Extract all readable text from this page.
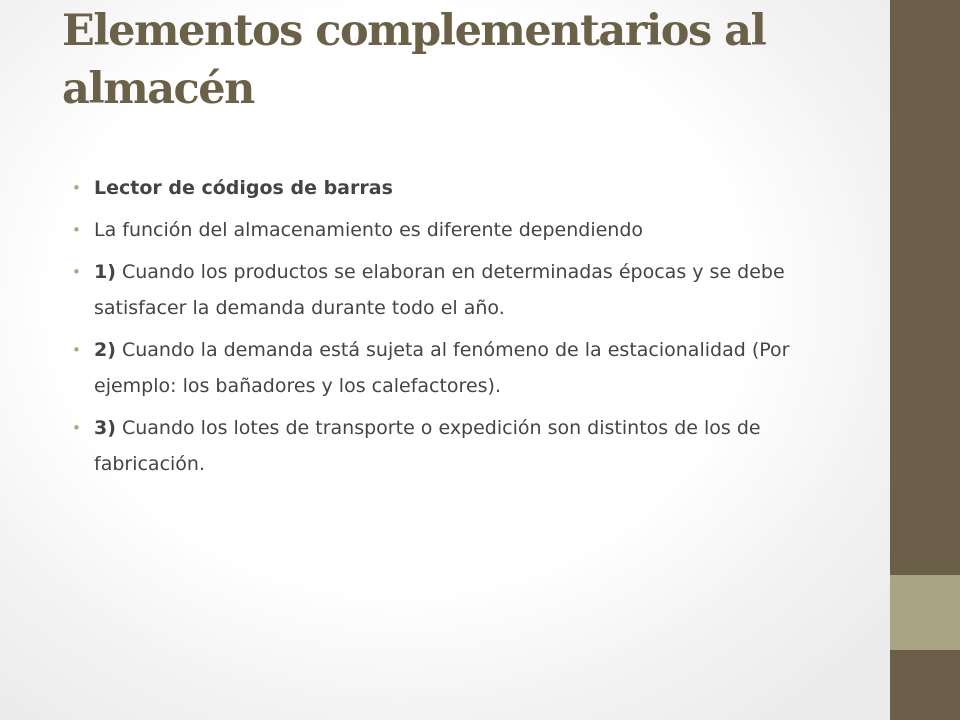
Elementos complementarios al almacén
• Lector de códigos de barras
• La función del almacenamiento es diferente dependiendo
• 1) Cuando los productos se elaboran en determinadas épocas y se debe satisfacer la demanda durante todo el año.
• 2) Cuando la demanda está sujeta al fenómeno de la estacionalidad (Por ejemplo: los bañadores y los calefactores).
• 3) Cuando los lotes de transporte o expedición son distintos de los de fabricación.
